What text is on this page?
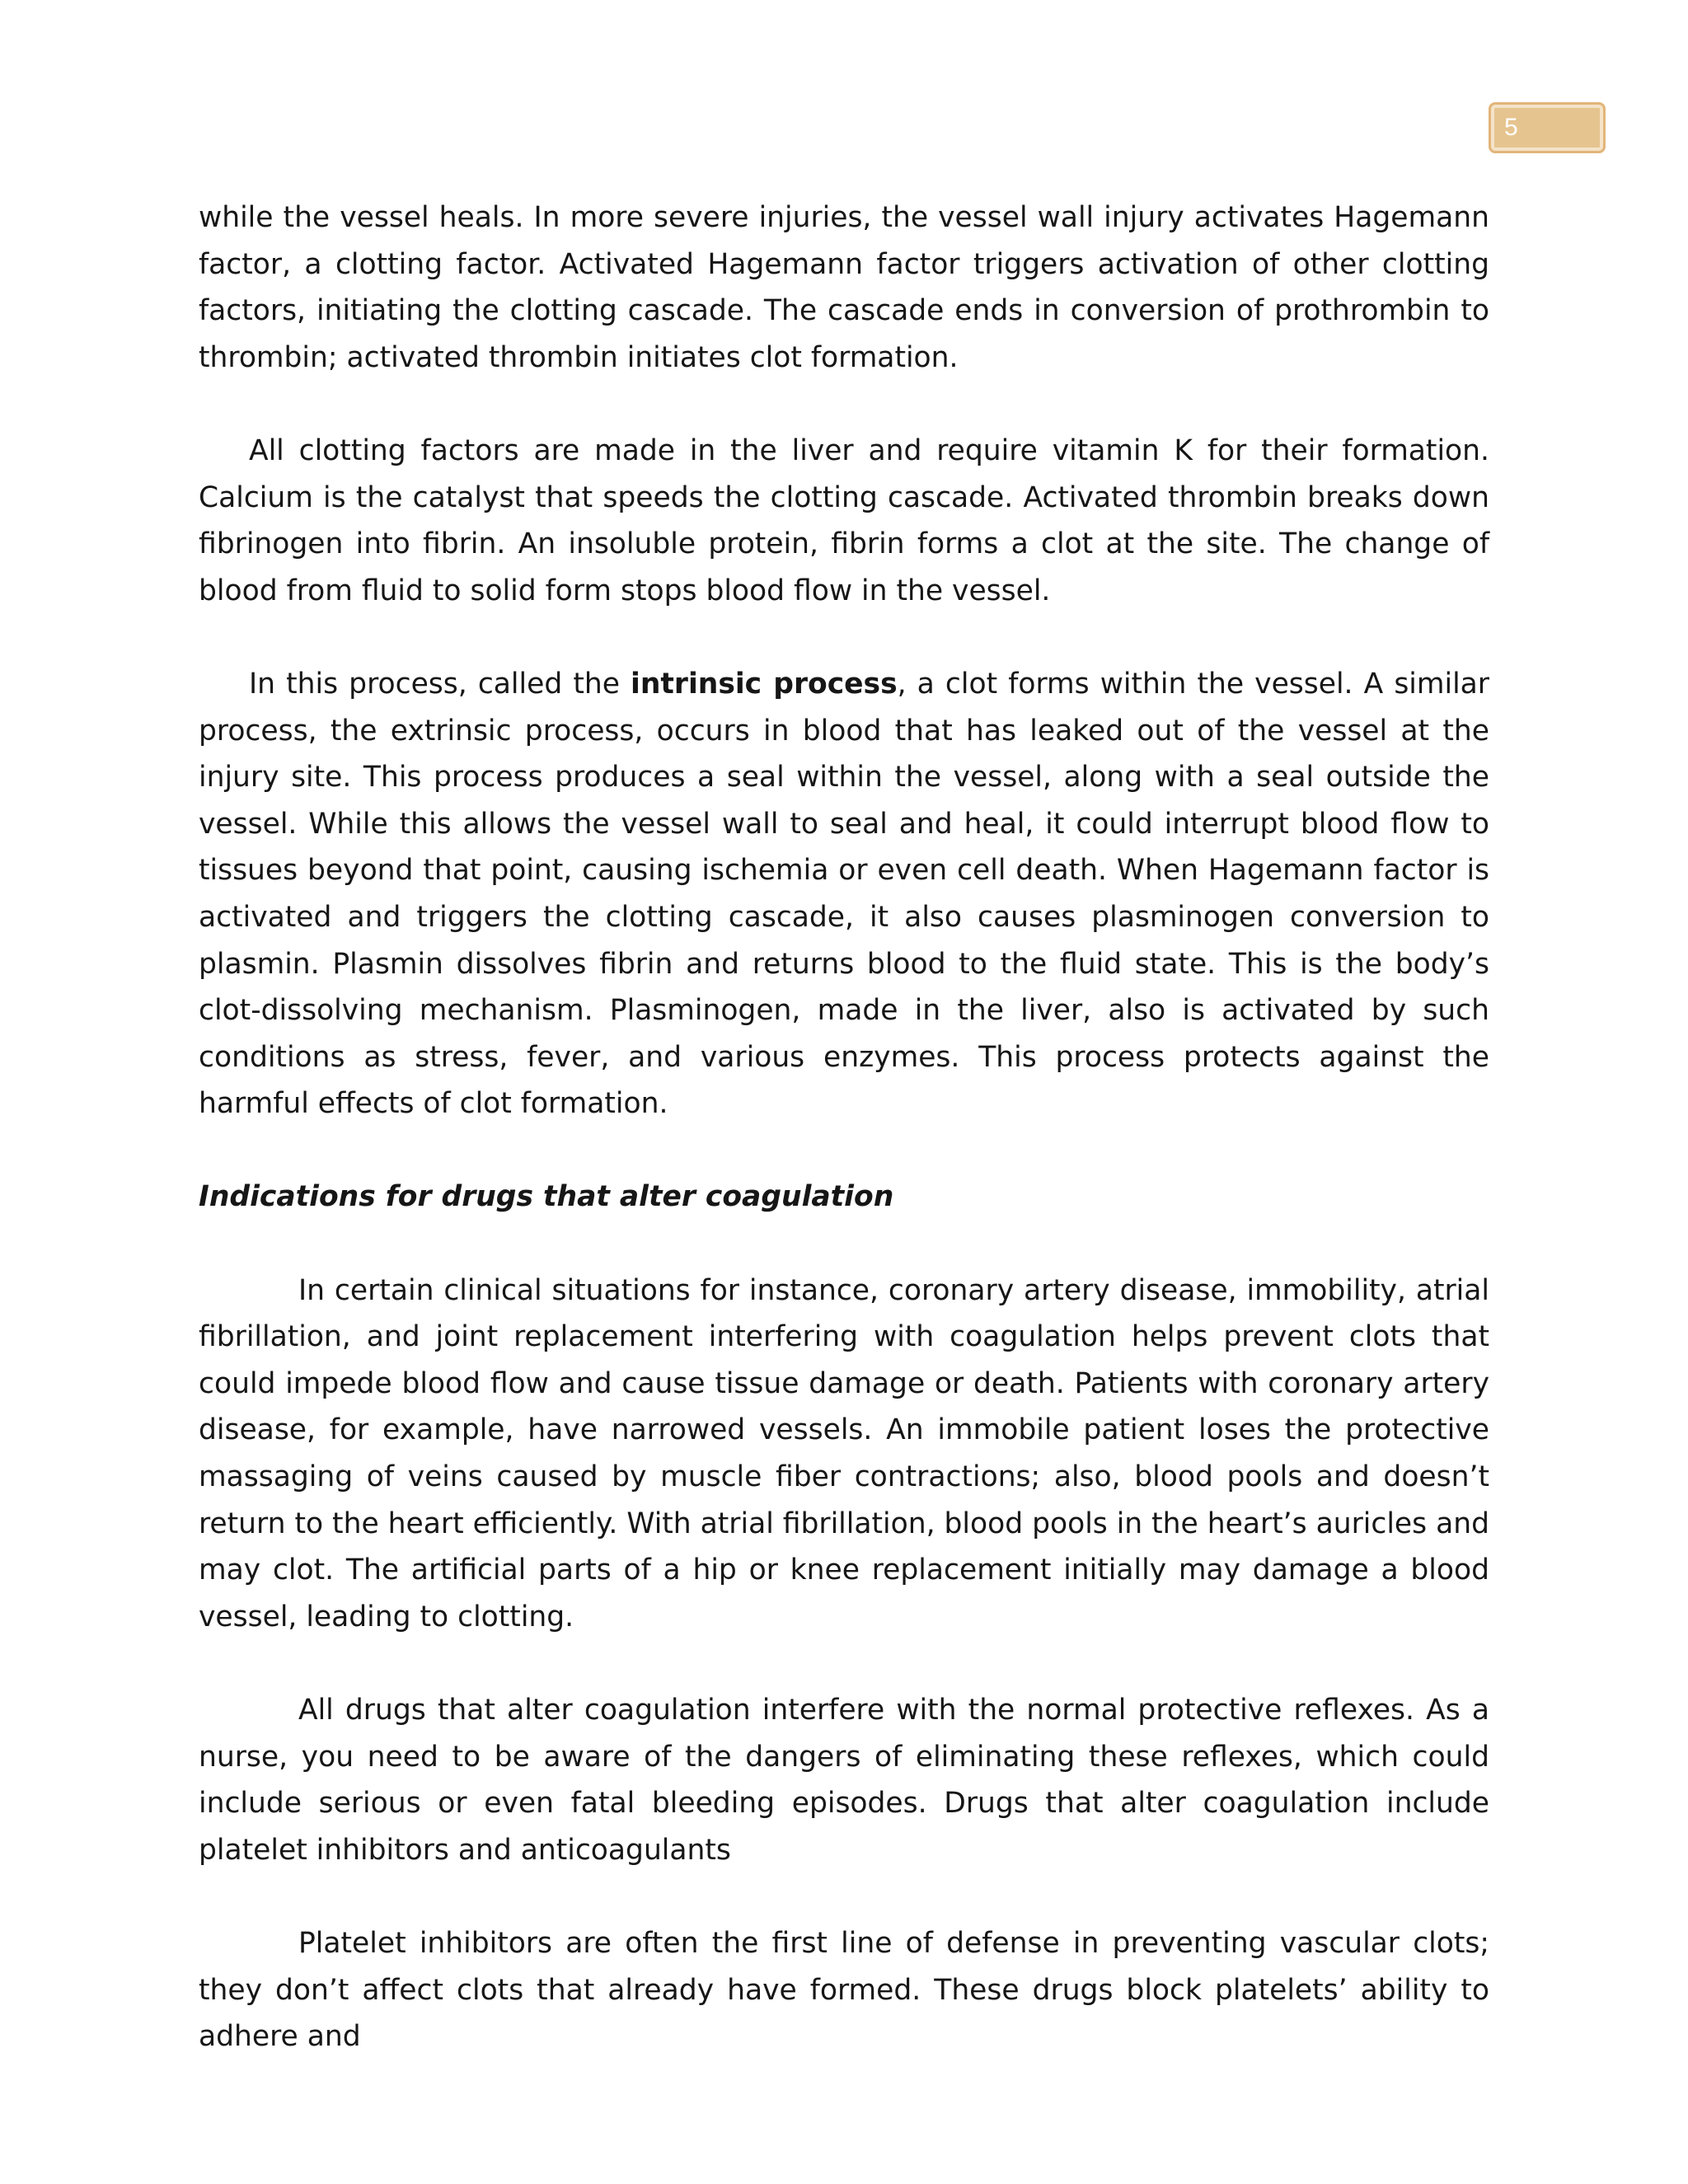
5

while the vessel heals. In more severe injuries, the vessel wall injury activates Hagemann factor, a clotting factor. Activated Hagemann factor triggers activation of other clotting factors, initiating the clotting cascade. The cascade ends in conversion of prothrombin to thrombin; activated thrombin initiates clot formation.

All clotting factors are made in the liver and require vitamin K for their formation. Calcium is the catalyst that speeds the clotting cascade. Activated thrombin breaks down fibrinogen into fibrin. An insoluble protein, fibrin forms a clot at the site. The change of blood from fluid to solid form stops blood flow in the vessel.

In this process, called the intrinsic process, a clot forms within the vessel. A similar process, the extrinsic process, occurs in blood that has leaked out of the vessel at the injury site. This process produces a seal within the vessel, along with a seal outside the vessel. While this allows the vessel wall to seal and heal, it could interrupt blood flow to tissues beyond that point, causing ischemia or even cell death. When Hagemann factor is activated and triggers the clotting cascade, it also causes plasminogen conversion to plasmin. Plasmin dissolves fibrin and returns blood to the fluid state. This is the body’s clot-dissolving mechanism. Plasminogen, made in the liver, also is activated by such conditions as stress, fever, and various enzymes. This process protects against the harmful effects of clot formation.

Indications for drugs that alter coagulation

In certain clinical situations for instance, coronary artery disease, immobility, atrial fibrillation, and joint replacement interfering with coagulation helps prevent clots that could impede blood flow and cause tissue damage or death. Patients with coronary artery disease, for example, have narrowed vessels. An immobile patient loses the protective massaging of veins caused by muscle fiber contractions; also, blood pools and doesn’t return to the heart efficiently. With atrial fibrillation, blood pools in the heart’s auricles and may clot. The artificial parts of a hip or knee replacement initially may damage a blood vessel, leading to clotting.

All drugs that alter coagulation interfere with the normal protective reflexes. As a nurse, you need to be aware of the dangers of eliminating these reflexes, which could include serious or even fatal bleeding episodes. Drugs that alter coagulation include platelet inhibitors and anticoagulants

Platelet inhibitors are often the first line of defense in preventing vascular clots; they don’t affect clots that already have formed. These drugs block platelets’ ability to adhere and
